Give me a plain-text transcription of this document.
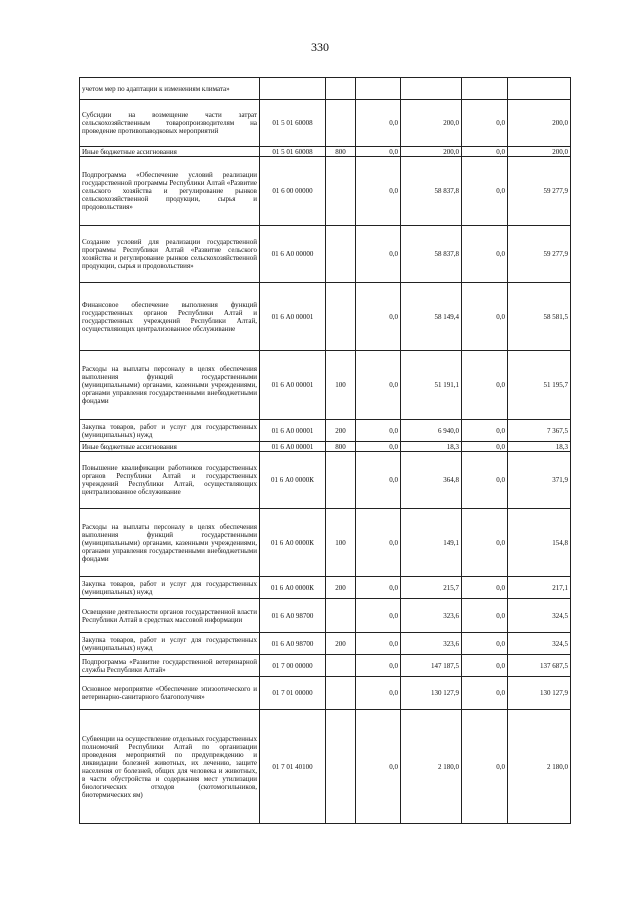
330
учетом мер по адаптации к изменениям климата»						
Субсидии на возмещение части затрат сельскохозяйственным товаропроизводителям на проведение противопаводковых мероприятий	01 5 01 60008		0,0	200,0	0,0	200,0
Иные бюджетные ассигнования	01 5 01 60008	800	0,0	200,0	0,0	200,0
Подпрограмма «Обеспечение условий реализации государственной программы Республики Алтай «Развитие сельского хозяйства и регулирование рынков сельскохозяйственной продукции, сырья и продовольствия»	01 6 00 00000		0,0	58 837,8	0,0	59 277,9
Создание условий для реализации государственной программы Республики Алтай «Развитие сельского хозяйства и регулирование рынков сельскохозяйственной продукции, сырья и продовольствия»	01 6 А0 00000		0,0	58 837,8	0,0	59 277,9
Финансовое обеспечение выполнения функций государственных органов Республики Алтай и государственных учреждений Республики Алтай, осуществляющих централизованное обслуживание	01 6 А0 00001		0,0	58 149,4	0,0	58 581,5
Расходы на выплаты персоналу в целях обеспечения выполнения функций государственными (муниципальными) органами, казенными учреждениями, органами управления государственными внебюджетными фондами	01 6 А0 00001	100	0,0	51 191,1	0,0	51 195,7
Закупка товаров, работ и услуг для государственных (муниципальных) нужд	01 6 А0 00001	200	0,0	6 940,0	0,0	7 367,5
Иные бюджетные ассигнования	01 6 А0 00001	800	0,0	18,3	0,0	18,3
Повышение квалификации работников государственных органов Республики Алтай и государственных учреждений Республики Алтай, осуществляющих централизованное обслуживание	01 6 А0 0000К		0,0	364,8	0,0	371,9
Расходы на выплаты персоналу в целях обеспечения выполнения функций государственными (муниципальными) органами, казенными учреждениями, органами управления государственными внебюджетными фондами	01 6 А0 0000К	100	0,0	149,1	0,0	154,8
Закупка товаров, работ и услуг для государственных (муниципальных) нужд	01 6 А0 0000К	200	0,0	215,7	0,0	217,1
Освещение деятельности органов государственной власти Республики Алтай в средствах массовой информации	01 6 А0 98700		0,0	323,6	0,0	324,5
Закупка товаров, работ и услуг для государственных (муниципальных) нужд	01 6 А0 98700	200	0,0	323,6	0,0	324,5
Подпрограмма «Развитие государственной ветеринарной службы Республики Алтай»	01 7 00 00000		0,0	147 187,5	0,0	137 687,5
Основное мероприятие «Обеспечение эпизоотического и ветеринарно-санитарного благополучия»	01 7 01 00000		0,0	130 127,9	0,0	130 127,9
Субвенции на осуществление отдельных государственных полномочий Республики Алтай по организации проведения мероприятий по предупреждению и ликвидации болезней животных, их лечению, защите населения от болезней, общих для человека и животных, в части обустройства и содержания мест утилизации биологических отходов (скотомогильников, биотермических ям)	01 7 01 40100		0,0	2 180,0	0,0	2 180,0
